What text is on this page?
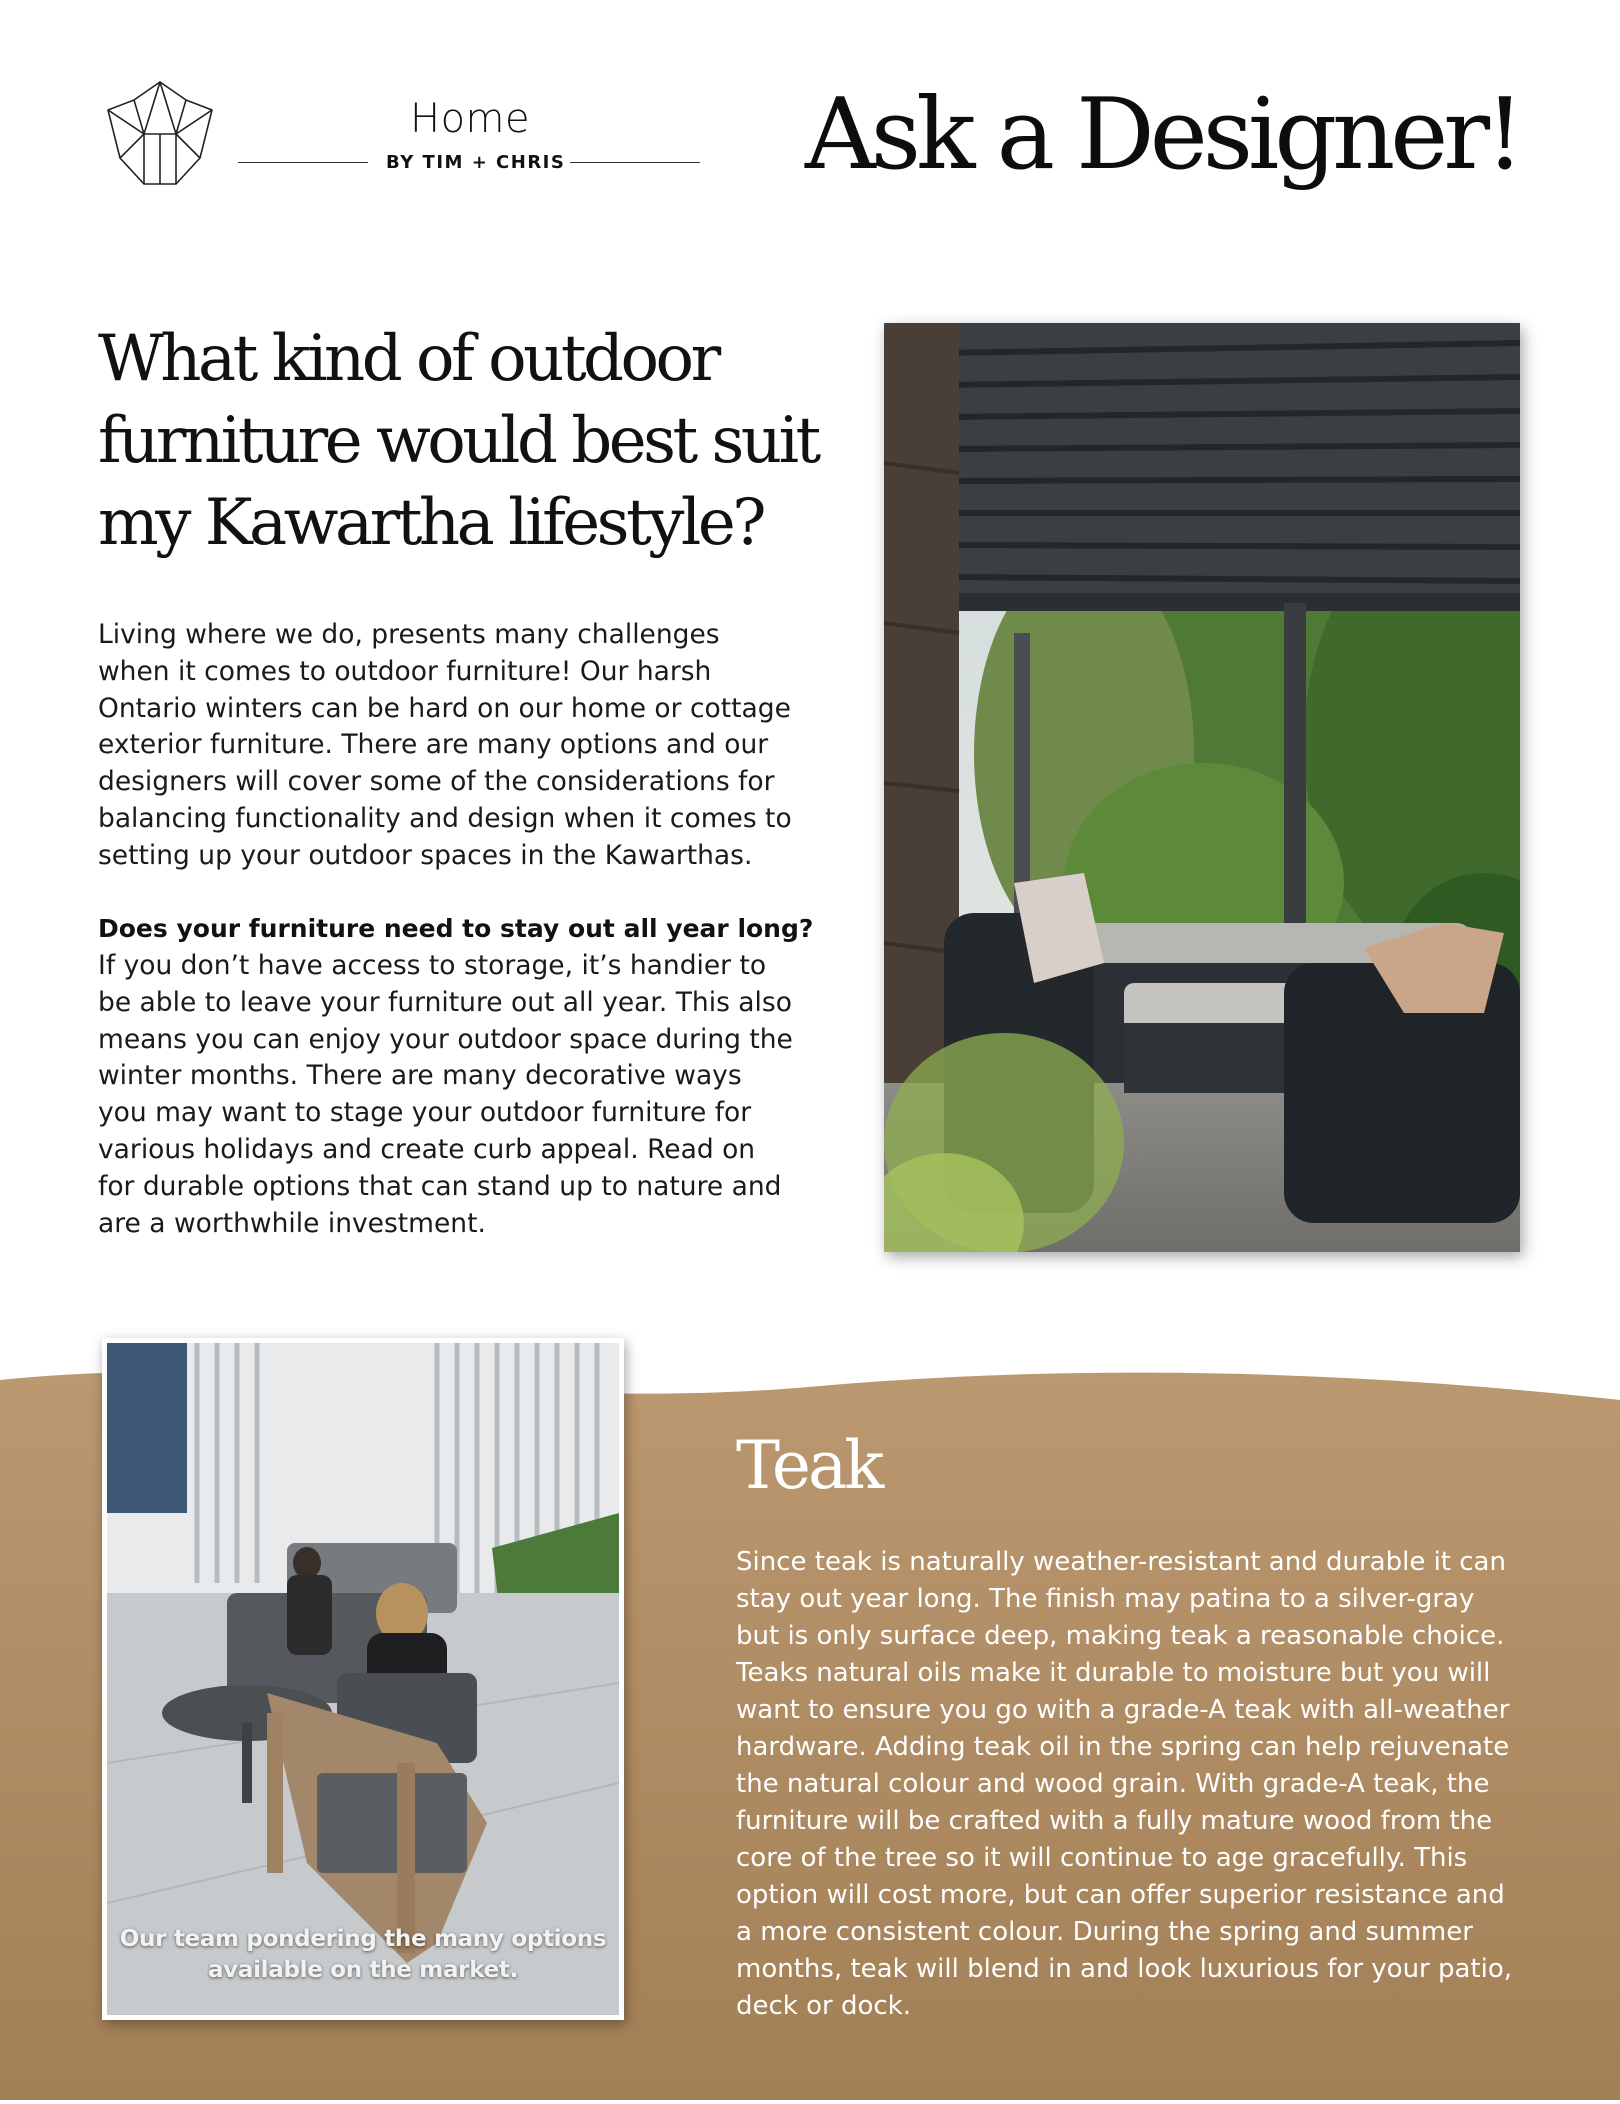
Home
BY TIM + CHRIS Ask a Designer!
What kind of outdoor furniture would best suit my Kawartha lifestyle?

Living where we do, presents many challenges when it comes to outdoor furniture! Our harsh Ontario winters can be hard on our home or cottage exterior furniture. There are many options and our designers will cover some of the considerations for balancing functionality and design when it comes to setting up your outdoor spaces in the Kawarthas.

Does your furniture need to stay out all year long?

If you don’t have access to storage, it’s handier to be able to leave your furniture out all year. This also means you can enjoy your outdoor space during the winter months. There are many decorative ways you may want to stage your outdoor furniture for various holidays and create curb appeal. Read on for durable options that can stand up to nature and are a worthwhile investment.

Our team pondering the many options
available on the market.
Teak

Since teak is naturally weather-resistant and durable it can stay out year long. The finish may patina to a silver-gray but is only surface deep, making teak a reasonable choice. Teaks natural oils make it durable to moisture but you will want to ensure you go with a grade-A teak with all-weather hardware. Adding teak oil in the spring can help rejuvenate the natural colour and wood grain. With grade-A teak, the furniture will be crafted with a fully mature wood from the core of the tree so it will continue to age gracefully. This option will cost more, but can offer superior resistance and a more consistent colour. During the spring and summer months, teak will blend in and look luxurious for your patio, deck or dock.
